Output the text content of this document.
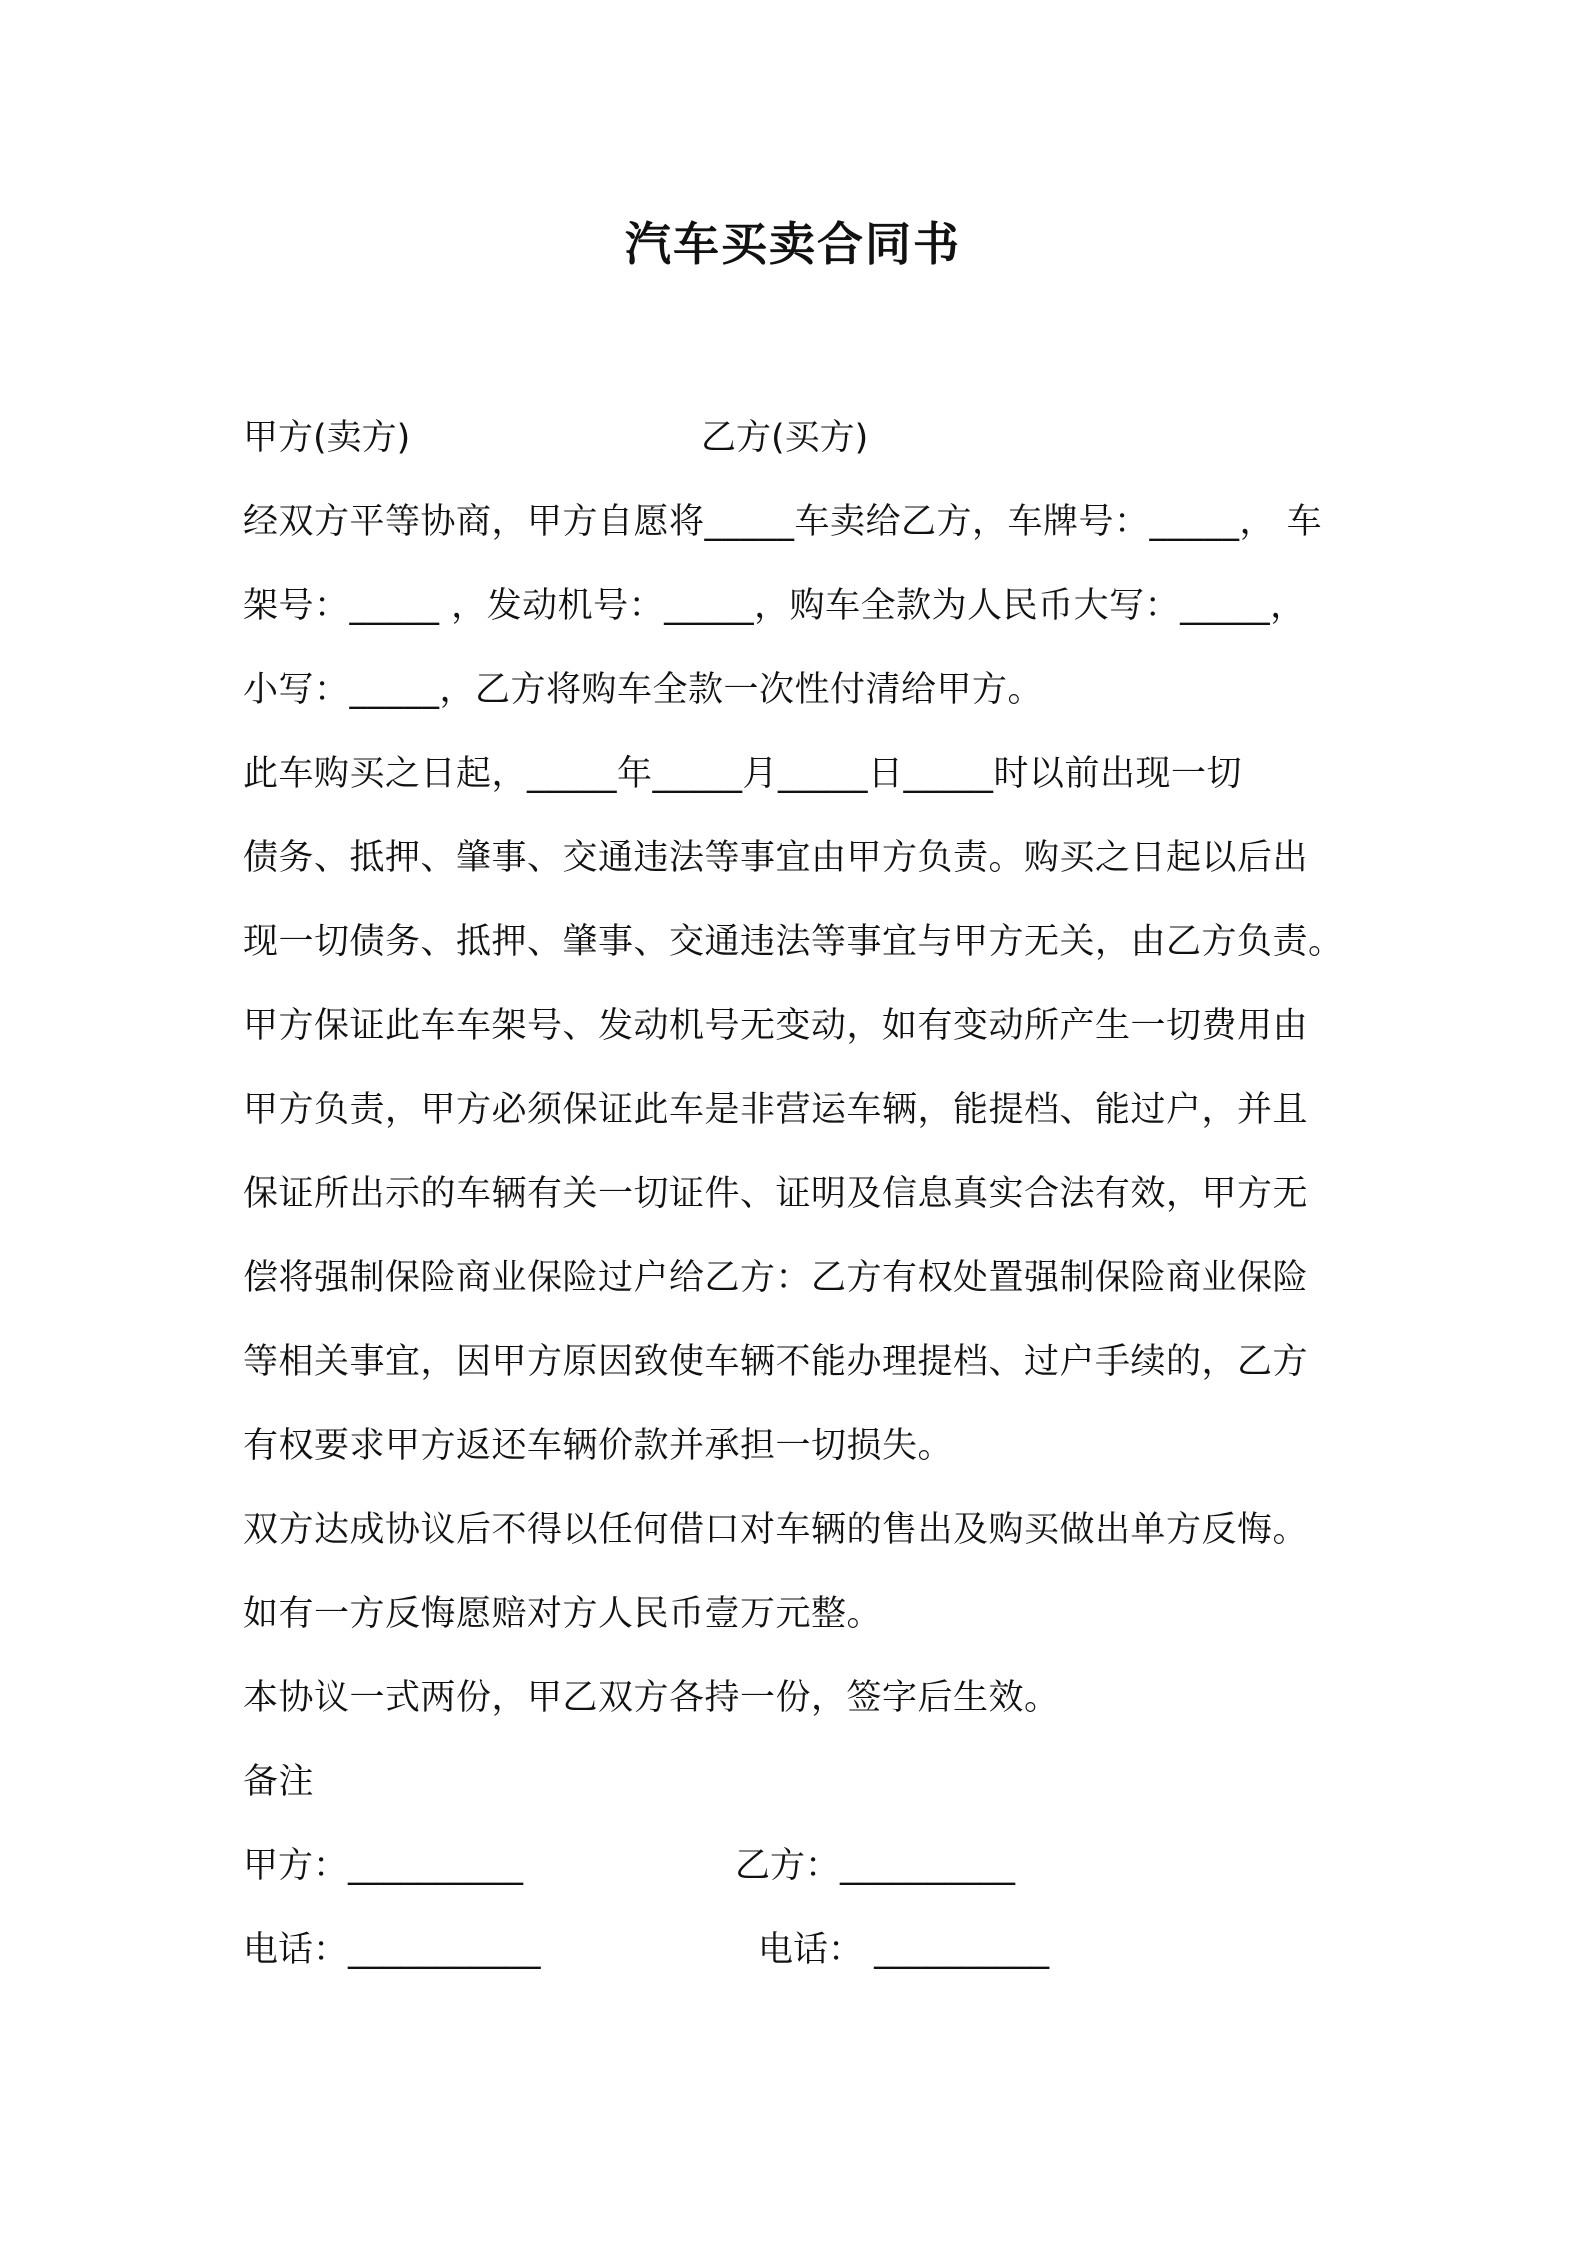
汽车买卖合同书
甲方(卖方)	乙方(买方)
经双方平等协商，甲方自愿将_____车卖给乙方，车牌号：_____， 车
架号：_____ ，发动机号：_____，购车全款为人民币大写：_____，
小写：_____，乙方将购车全款一次性付清给甲方。
此车购买之日起，_____年_____月_____日_____时以前出现一切
债务、抵押、肇事、交通违法等事宜由甲方负责。购买之日起以后出
现一切债务、抵押、肇事、交通违法等事宜与甲方无关，由乙方负责。
甲方保证此车车架号、发动机号无变动，如有变动所产生一切费用由
甲方负责，甲方必须保证此车是非营运车辆，能提档、能过户，并且
保证所出示的车辆有关一切证件、证明及信息真实合法有效，甲方无
偿将强制保险商业保险过户给乙方：乙方有权处置强制保险商业保险
等相关事宜，因甲方原因致使车辆不能办理提档、过户手续的，乙方
有权要求甲方返还车辆价款并承担一切损失。
双方达成协议后不得以任何借口对车辆的售出及购买做出单方反悔。
如有一方反悔愿赔对方人民币壹万元整。
本协议一式两份，甲乙双方各持一份，签字后生效。
备注
甲方：__________	乙方：__________
电话：___________	电话： __________
